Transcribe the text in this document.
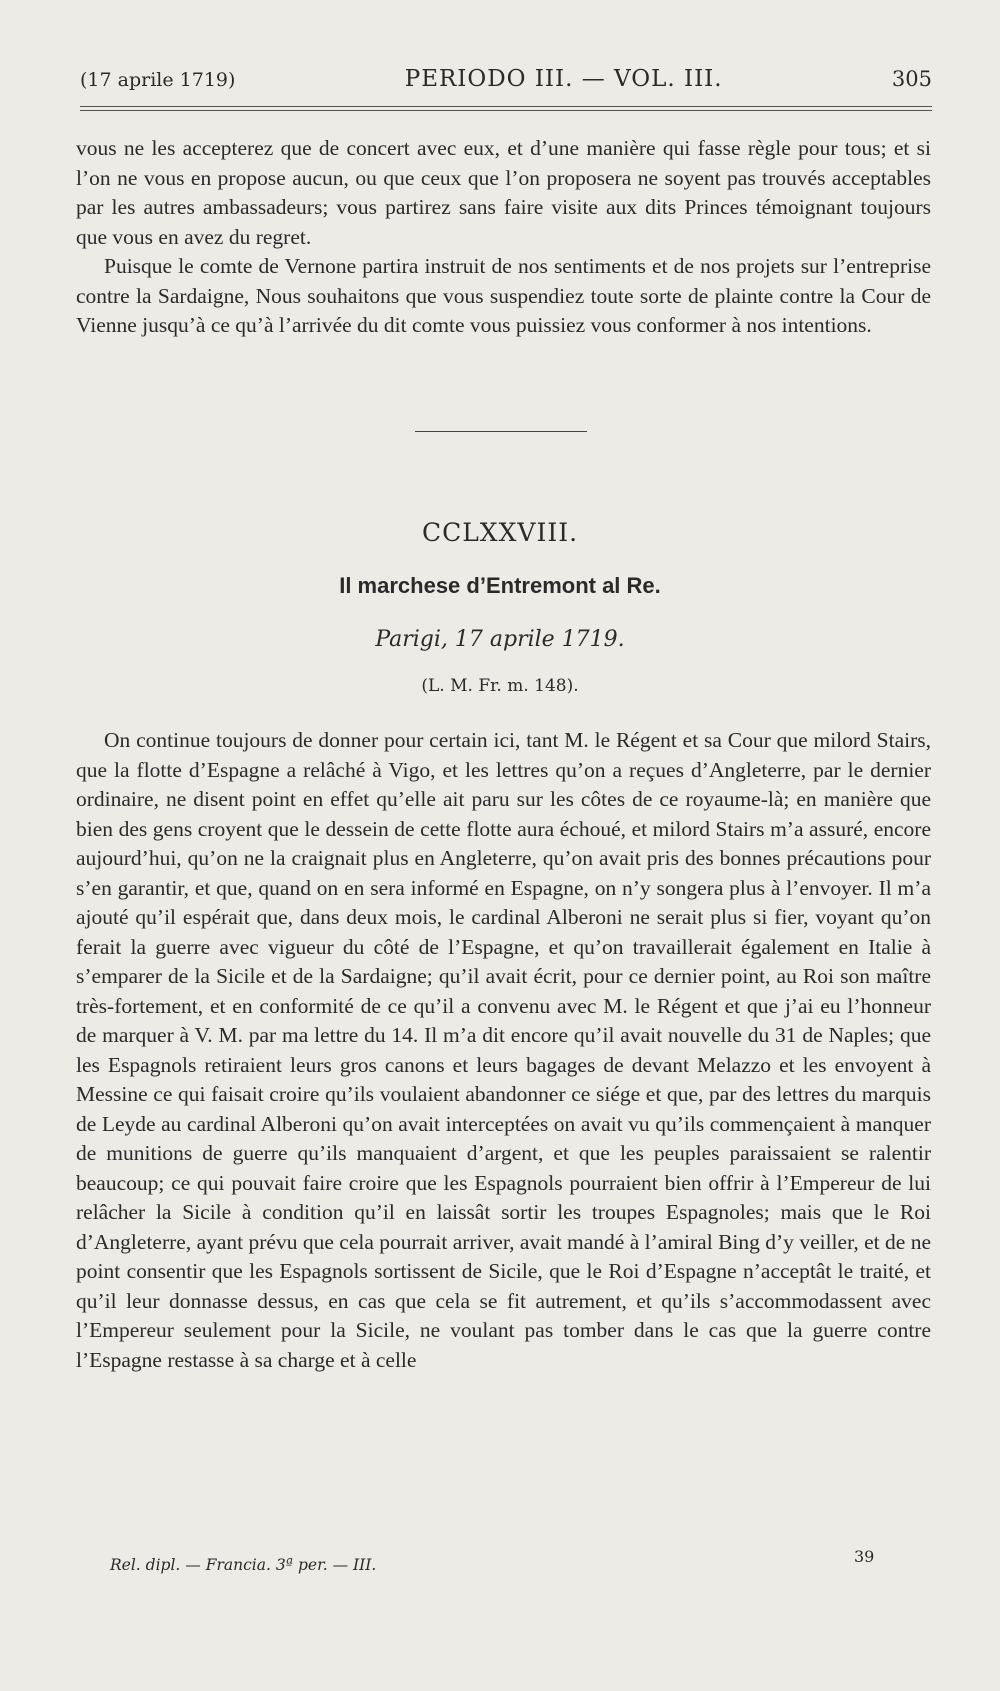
(17 aprile 1719)	PERIODO III. — VOL. III.	305

vous ne les accepterez que de concert avec eux, et d’une manière qui fasse règle pour tous; et si l’on ne vous en propose aucun, ou que ceux que l’on proposera ne soyent pas trouvés acceptables par les autres ambassadeurs; vous partirez sans faire visite aux dits Princes témoignant toujours que vous en avez du regret.

Puisque le comte de Vernone partira instruit de nos sentiments et de nos projets sur l’entreprise contre la Sardaigne, Nous souhaitons que vous suspendiez toute sorte de plainte contre la Cour de Vienne jusqu’à ce qu’à l’arrivée du dit comte vous puissiez vous conformer à nos intentions.

CCLXXVIII.
Il marchese d’Entremont al Re.
Parigi, 17 aprile 1719.
(L. M. Fr. m. 148).

On continue toujours de donner pour certain ici, tant M. le Régent et sa Cour que milord Stairs, que la flotte d’Espagne a relâché à Vigo, et les lettres qu’on a reçues d’Angleterre, par le dernier ordinaire, ne disent point en effet qu’elle ait paru sur les côtes de ce royaume-là; en manière que bien des gens croyent que le dessein de cette flotte aura échoué, et milord Stairs m’a assuré, encore aujourd’hui, qu’on ne la craignait plus en Angleterre, qu’on avait pris des bonnes précautions pour s’en garantir, et que, quand on en sera informé en Espagne, on n’y songera plus à l’envoyer. Il m’a ajouté qu’il espérait que, dans deux mois, le cardinal Alberoni ne serait plus si fier, voyant qu’on ferait la guerre avec vigueur du côté de l’Espagne, et qu’on travaillerait également en Italie à s’emparer de la Sicile et de la Sardaigne; qu’il avait écrit, pour ce dernier point, au Roi son maître très-fortement, et en conformité de ce qu’il a convenu avec M. le Régent et que j’ai eu l’honneur de marquer à V. M. par ma lettre du 14. Il m’a dit encore qu’il avait nouvelle du 31 de Naples; que les Espagnols retiraient leurs gros canons et leurs bagages de devant Melazzo et les envoyent à Messine ce qui faisait croire qu’ils voulaient abandonner ce siége et que, par des lettres du marquis de Leyde au cardinal Alberoni qu’on avait interceptées on avait vu qu’ils commençaient à manquer de munitions de guerre qu’ils manquaient d’argent, et que les peuples paraissaient se ralentir beaucoup; ce qui pouvait faire croire que les Espagnols pourraient bien offrir à l’Empereur de lui relâcher la Sicile à condition qu’il en laissât sortir les troupes Espagnoles; mais que le Roi d’Angleterre, ayant prévu que cela pourrait arriver, avait mandé à l’amiral Bing d’y veiller, et de ne point consentir que les Espagnols sortissent de Sicile, que le Roi d’Espagne n’acceptât le traité, et qu’il leur donnasse dessus, en cas que cela se fit autrement, et qu’ils s’accommodassent avec l’Empereur seulement pour la Sicile, ne voulant pas tomber dans le cas que la guerre contre l’Espagne restasse à sa charge et à celle

Rel. dipl. — Francia. 3ª per. — III.	39
